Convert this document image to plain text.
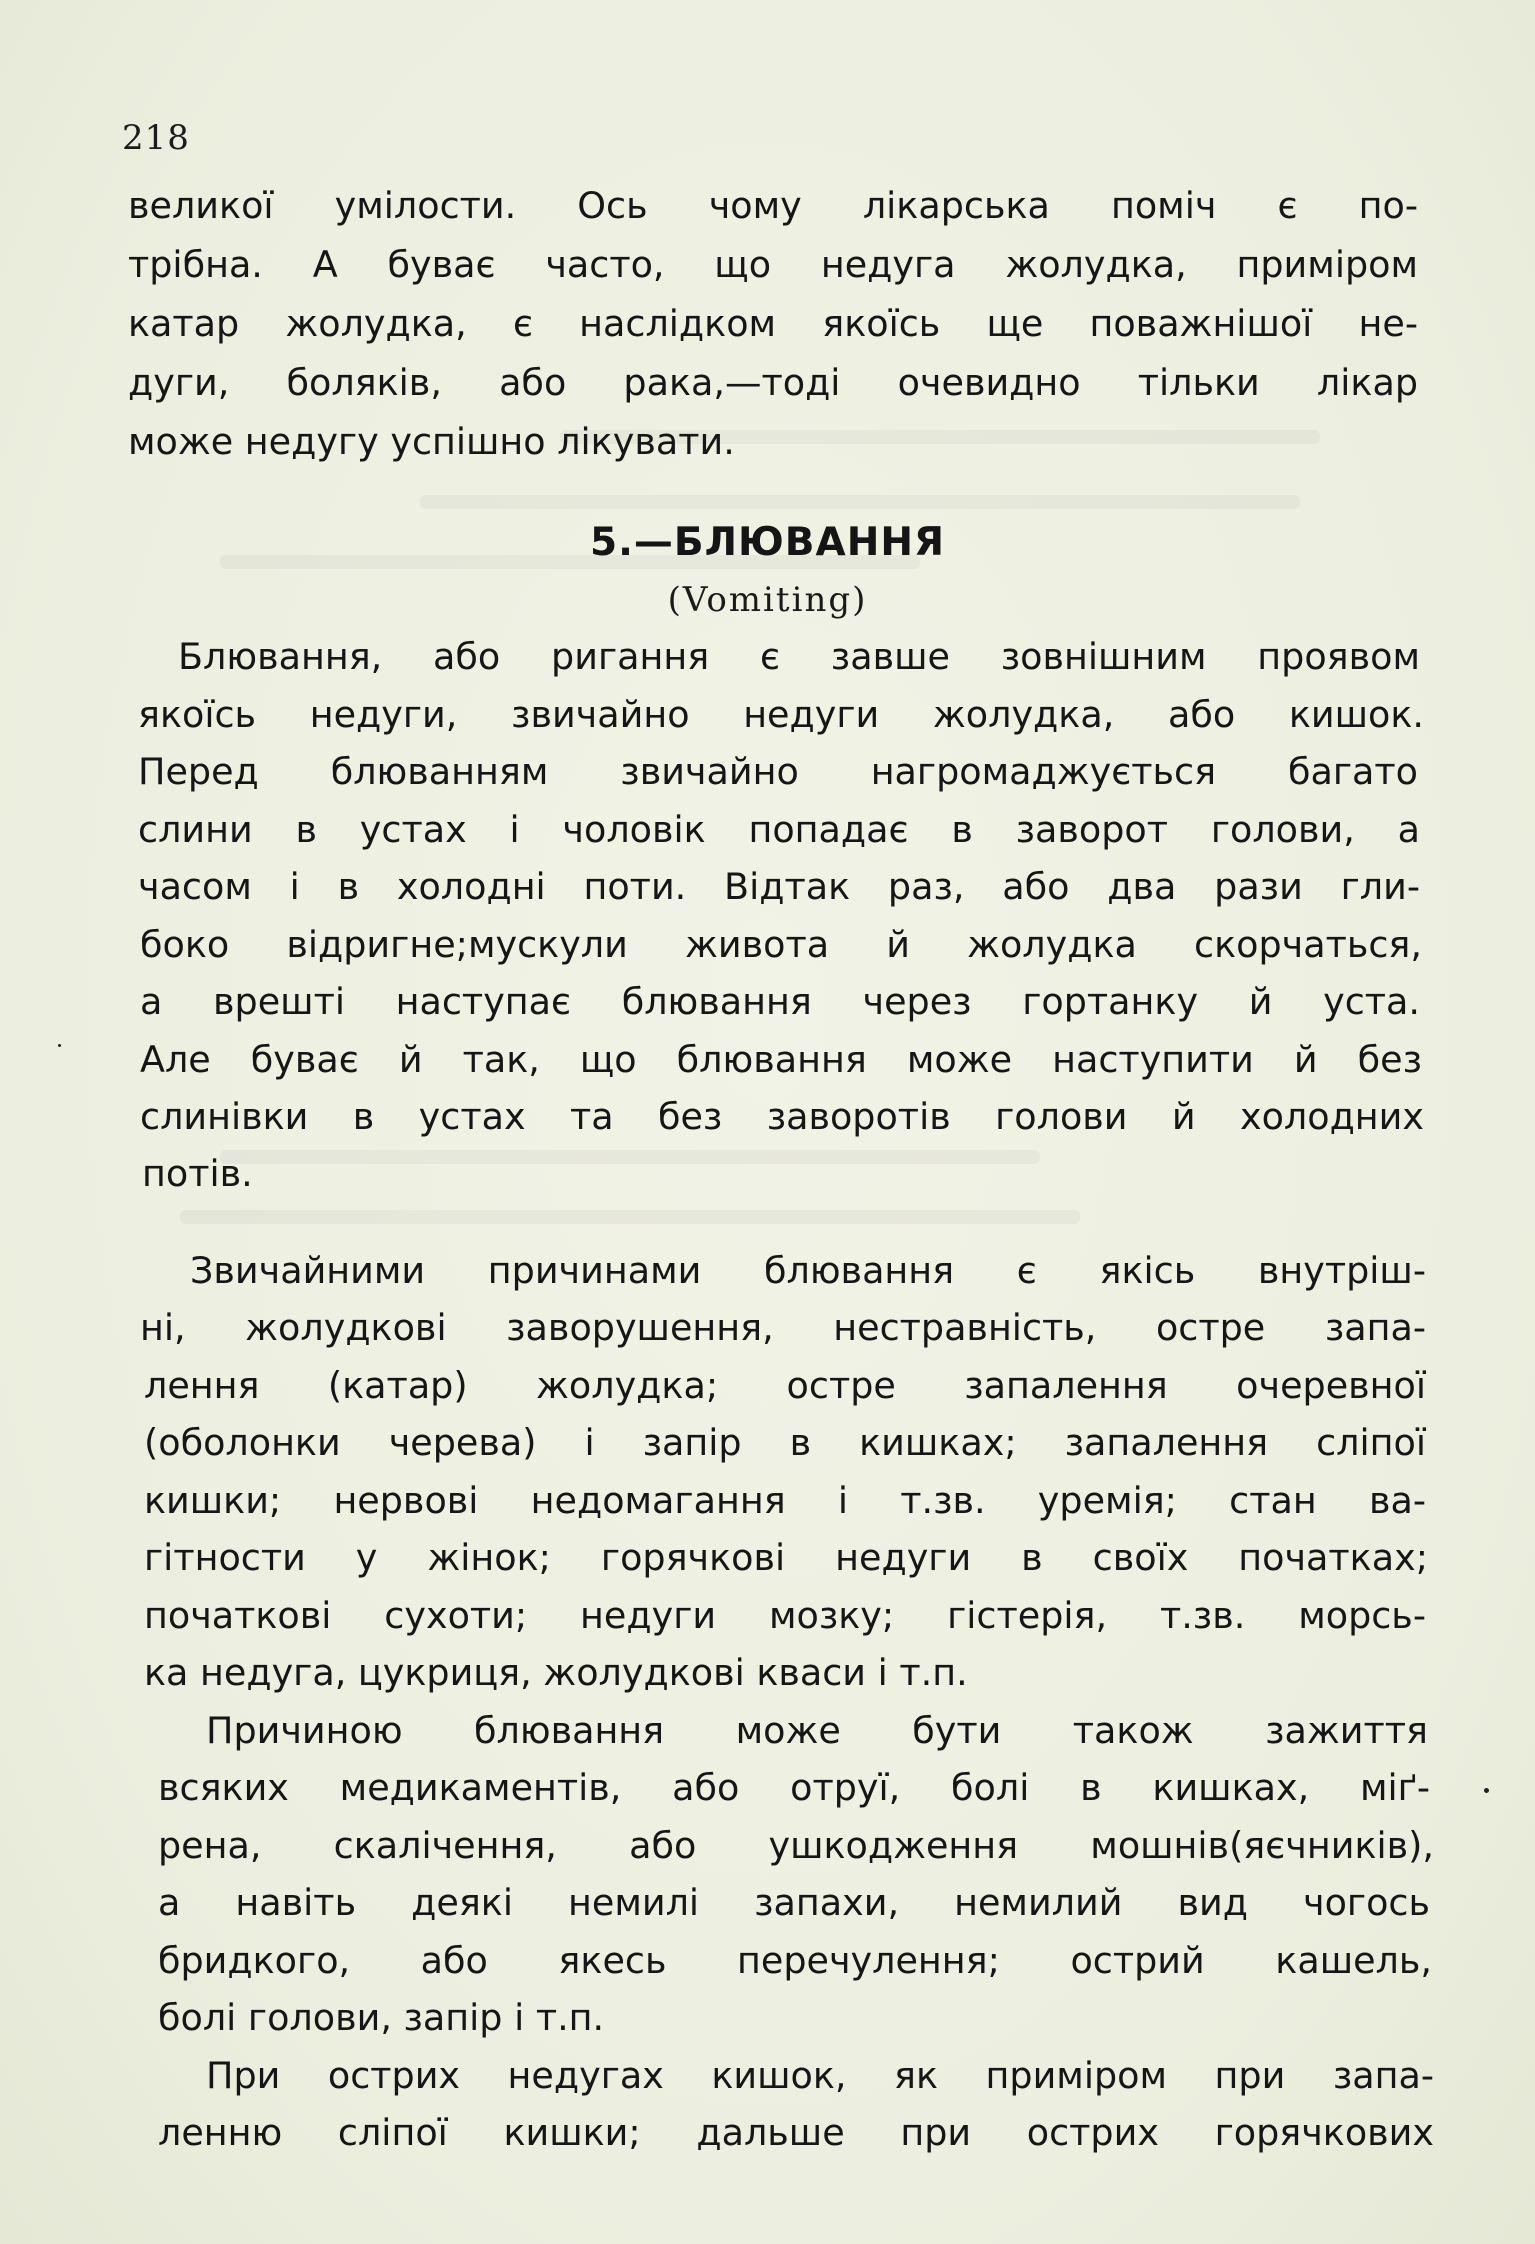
218
великої умілости. Ось чому лікарська поміч є по-
трібна. А буває часто, що недуга жолудка, приміром
катар жолудка, є наслідком якоїсь ще поважнішої не-
дуги, боляків, або рака,—тоді очевидно тільки лікар
може недугу успішно лікувати.
5.—БЛЮВАННЯ
(Vomiting)
Блювання, або ригання є завше зовнішним проявом
якоїсь недуги, звичайно недуги жолудка, або кишок.
Перед блюванням звичайно нагромаджується багато
слини в устах і чоловік попадає в заворот голови, а
часом і в холодні поти. Відтак раз, або два рази гли-
боко відригне;мускули живота й жолудка скорчаться,
а врешті наступає блювання через гортанку й уста.
Але буває й так, що блювання може наступити й без
слинівки в устах та без заворотів голови й холодних
потів.
Звичайними причинами блювання є якісь внутріш-
ні, жолудкові заворушення, нестравність, остре запа-
лення (катар) жолудка; остре запалення очеревної
(оболонки черева) і запір в кишках; запалення сліпої
кишки; нервові недомагання і т.зв. уремія; стан ва-
гітности у жінок; горячкові недуги в своїх початках;
початкові сухоти; недуги мозку; гістерія, т.зв. морсь-
ка недуга, цукриця, жолудкові кваси і т.п.
Причиною блювання може бути також зажиття
всяких медикаментів, або отруї, болі в кишках, міґ-
рена, скалічення, або ушкодження мошнів(яєчників),
а навіть деякі немилі запахи, немилий вид чогось
бридкого, або якесь перечулення; острий кашель,
болі голови, запір і т.п.
При острих недугах кишок, як приміром при запа-
ленню сліпої кишки; дальше при острих горячкових
